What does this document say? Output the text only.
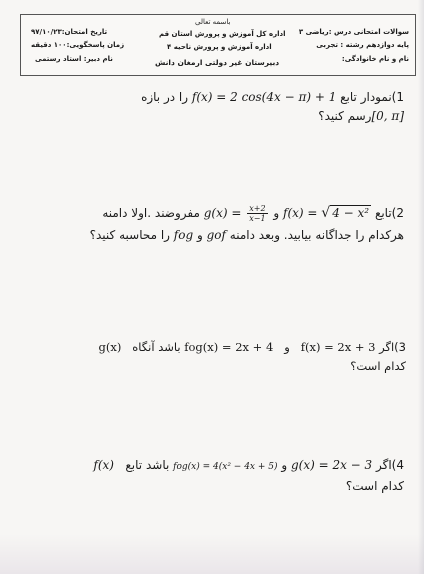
سوالات امتحانی درس :ریاضی ۳
پایه دوازدهم رشته : تجربی
نام و نام خانوادگی:
باسمه تعالی
اداره کل آموزش و پرورش استان قم
اداره آموزش و پرورش ناحیه ۴
دبیرستان غیر دولتی ارمغان دانش
تاریخ امتحان:۹۷/۱۰/۲۳
زمان پاسخگویی:۱۰۰ دقیقه
نام دبیر: استاد رستمی
1)نمودار تابع f(x) = 2 cos(4x − π) + 1 را در بازه
[0, π]رسم کنید؟
2)تابع f(x) = √ 4 − x² و $g(x) = \frac{x+2}{x-1}$
مفروضند .اولا دامنه
هرکدام را جداگانه بیابید. وبعد دامنه gof و fog را محاسبه کنید؟
3)اگر f(x) = 2x + 3   و   fog(x) = 2x + 4 باشد آنگاه   g(x)
کدام است؟
4)اگر g(x) = 2x − 3 و fog(x) = 4(x² − 4x + 5) باشد تابع   f(x)
کدام است؟
